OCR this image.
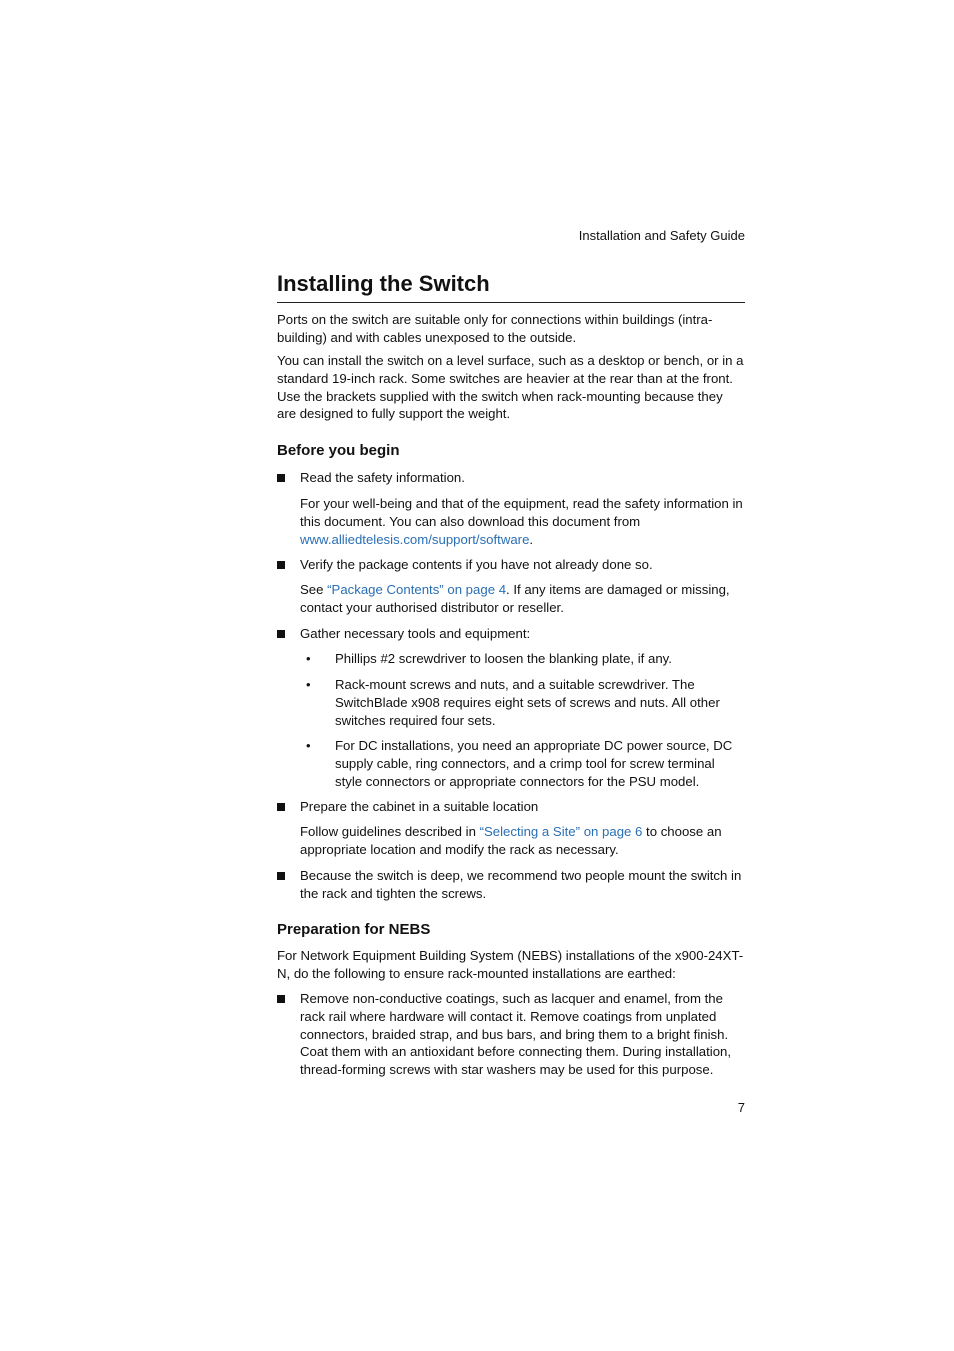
Installation and Safety Guide
Installing the Switch

Ports on the switch are suitable only for connections within buildings (intra-building) and with cables unexposed to the outside.

You can install the switch on a level surface, such as a desktop or bench, or in a standard 19-inch rack. Some switches are heavier at the rear than at the front. Use the brackets supplied with the switch when rack-mounting because they are designed to fully support the weight.

Before you begin
Read the safety information.
For your well-being and that of the equipment, read the safety information in this document. You can also download this document from www.alliedtelesis.com/support/software.
Verify the package contents if you have not already done so.
See “Package Contents” on page 4. If any items are damaged or missing, contact your authorised distributor or reseller.
Gather necessary tools and equipment:
• Phillips #2 screwdriver to loosen the blanking plate, if any.
• Rack-mount screws and nuts, and a suitable screwdriver. The SwitchBlade x908 requires eight sets of screws and nuts. All other switches required four sets.
• For DC installations, you need an appropriate DC power source, DC supply cable, ring connectors, and a crimp tool for screw terminal style connectors or appropriate connectors for the PSU model.
Prepare the cabinet in a suitable location
Follow guidelines described in “Selecting a Site” on page 6 to choose an appropriate location and modify the rack as necessary.
Because the switch is deep, we recommend two people mount the switch in the rack and tighten the screws.
Preparation for NEBS

For Network Equipment Building System (NEBS) installations of the x900-24XT-N, do the following to ensure rack-mounted installations are earthed:

Remove non-conductive coatings, such as lacquer and enamel, from the rack rail where hardware will contact it. Remove coatings from unplated connectors, braided strap, and bus bars, and bring them to a bright finish. Coat them with an antioxidant before connecting them. During installation, thread-forming screws with star washers may be used for this purpose.
7
